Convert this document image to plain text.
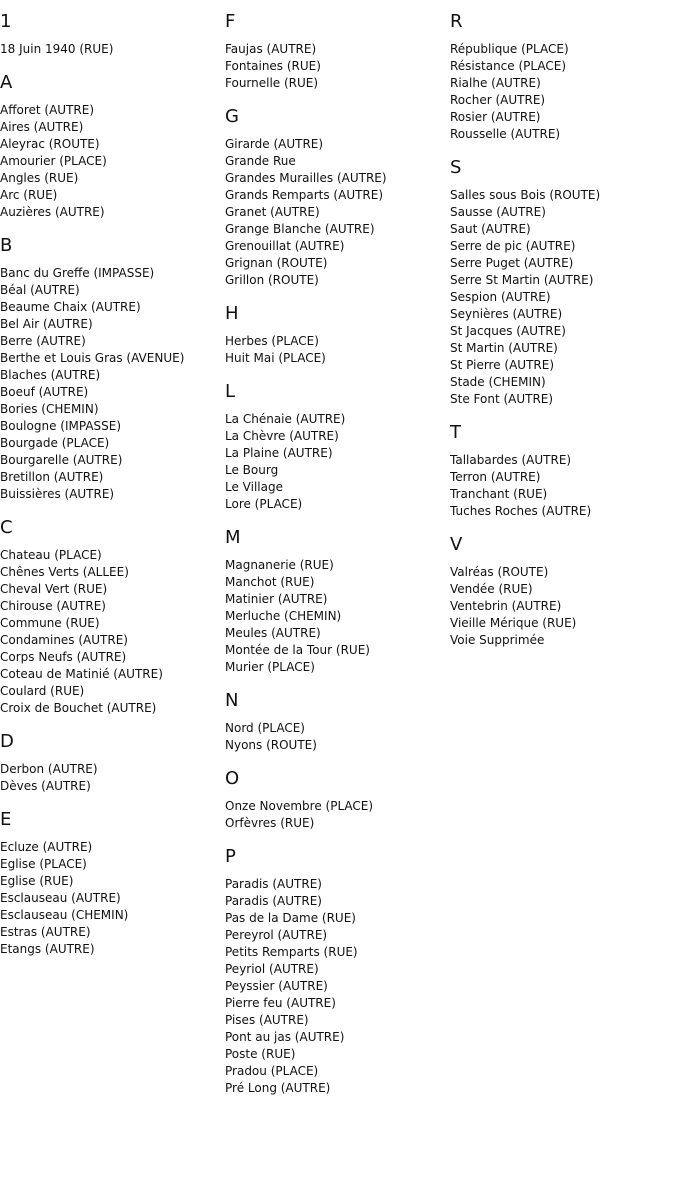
1
18 Juin 1940 (RUE)
A
Afforet (AUTRE)
Aires (AUTRE)
Aleyrac (ROUTE)
Amourier (PLACE)
Angles (RUE)
Arc (RUE)
Auzières (AUTRE)
B
Banc du Greffe (IMPASSE)
Béal (AUTRE)
Beaume Chaix (AUTRE)
Bel Air (AUTRE)
Berre (AUTRE)
Berthe et Louis Gras (AVENUE)
Blaches (AUTRE)
Boeuf (AUTRE)
Bories (CHEMIN)
Boulogne (IMPASSE)
Bourgade (PLACE)
Bourgarelle (AUTRE)
Bretillon (AUTRE)
Buissières (AUTRE)
C
Chateau (PLACE)
Chênes Verts (ALLEE)
Cheval Vert (RUE)
Chirouse (AUTRE)
Commune (RUE)
Condamines (AUTRE)
Corps Neufs (AUTRE)
Coteau de Matinié (AUTRE)
Coulard (RUE)
Croix de Bouchet (AUTRE)
D
Derbon (AUTRE)
Dèves (AUTRE)
E
Ecluze (AUTRE)
Eglise (PLACE)
Eglise (RUE)
Esclauseau (AUTRE)
Esclauseau (CHEMIN)
Estras (AUTRE)
Etangs (AUTRE)
F
Faujas (AUTRE)
Fontaines (RUE)
Fournelle (RUE)
G
Girarde (AUTRE)
Grande Rue
Grandes Murailles (AUTRE)
Grands Remparts (AUTRE)
Granet (AUTRE)
Grange Blanche (AUTRE)
Grenouillat (AUTRE)
Grignan (ROUTE)
Grillon (ROUTE)
H
Herbes (PLACE)
Huit Mai (PLACE)
L
La Chénaie (AUTRE)
La Chèvre (AUTRE)
La Plaine (AUTRE)
Le Bourg
Le Village
Lore (PLACE)
M
Magnanerie (RUE)
Manchot (RUE)
Matinier (AUTRE)
Merluche (CHEMIN)
Meules (AUTRE)
Montée de la Tour (RUE)
Murier (PLACE)
N
Nord (PLACE)
Nyons (ROUTE)
O
Onze Novembre (PLACE)
Orfèvres (RUE)
P
Paradis (AUTRE)
Paradis (AUTRE)
Pas de la Dame (RUE)
Pereyrol (AUTRE)
Petits Remparts (RUE)
Peyriol (AUTRE)
Peyssier (AUTRE)
Pierre feu (AUTRE)
Pises (AUTRE)
Pont au jas (AUTRE)
Poste (RUE)
Pradou (PLACE)
Pré Long (AUTRE)
R
République (PLACE)
Résistance (PLACE)
Rialhe (AUTRE)
Rocher (AUTRE)
Rosier (AUTRE)
Rousselle (AUTRE)
S
Salles sous Bois (ROUTE)
Sausse (AUTRE)
Saut (AUTRE)
Serre de pic (AUTRE)
Serre Puget (AUTRE)
Serre St Martin (AUTRE)
Sespion (AUTRE)
Seynières (AUTRE)
St Jacques (AUTRE)
St Martin (AUTRE)
St Pierre (AUTRE)
Stade (CHEMIN)
Ste Font (AUTRE)
T
Tallabardes (AUTRE)
Terron (AUTRE)
Tranchant (RUE)
Tuches Roches (AUTRE)
V
Valréas (ROUTE)
Vendée (RUE)
Ventebrin (AUTRE)
Vieille Mérique (RUE)
Voie Supprimée
